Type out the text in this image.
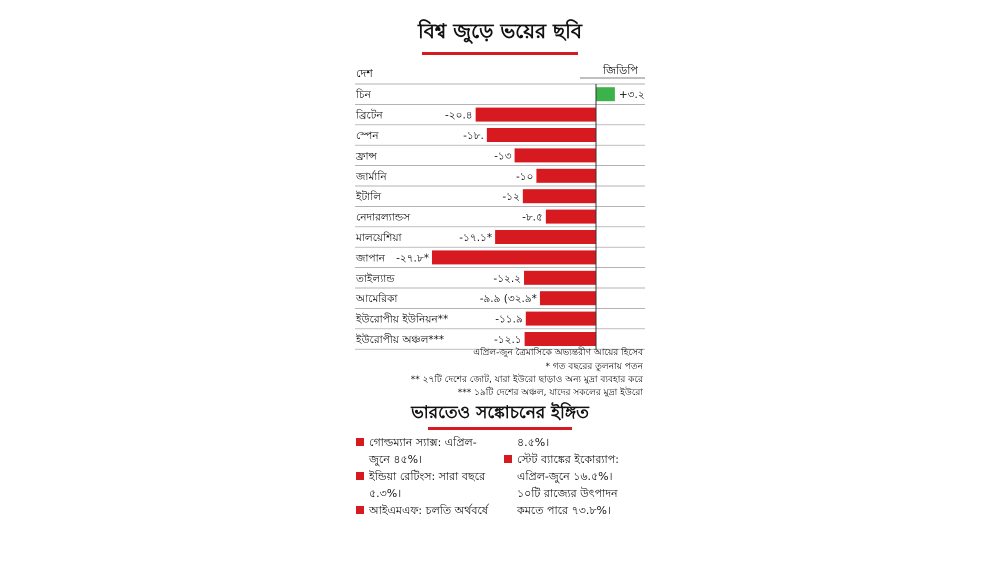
বিশ্ব জুড়ে ভয়ের ছবি
দেশ	জিডিপি
চিন	+৩.২
ব্রিটেন	-২০.৪
স্পেন	-১৮.
ফ্রান্স	-১৩
জার্মানি	-১০
ইটালি	-১২
নেদারল্যান্ডস	-৮.৫
মালয়েশিয়া	-১৭.১*
জাপান -২৭.৮*
তাইল্যান্ড	-১২.২
আমেরিকা	-৯.৯ (৩২.৯*
ইউরোপীয় ইউনিয়ন**	-১১.৯
ইউরোপীয় অঞ্চল***	-১২.১
এপ্রিল-জুন ত্রৈমাসিকে অভ্যন্তরীণ আয়ের হিসেব
* গত বছরের তুলনায় পতন
** ২৭টি দেশের জোট, যারা ইউরো ছাড়াও অন্য মুদ্রা ব্যবহার করে
*** ১৯টি দেশের অঞ্চল, যাদের সকলের মুদ্রা ইউরো
ভারতেও সঙ্কোচনের ইঙ্গিত
গোল্ডম্যান স্যাক্স: এপ্রিল-
জুনে ৪৫%।
ইন্ডিয়া রেটিংস: সারা বছরে
৫.৩%।
আইএমএফ: চলতি অর্থবর্ষে
৪.৫%।
স্টেট ব্যাঙ্কের ইকোর‍্যাপ:
এপ্রিল-জুনে ১৬.৫%।
১০টি রাজ্যের উৎপাদন
কমতে পারে ৭৩.৮%।
